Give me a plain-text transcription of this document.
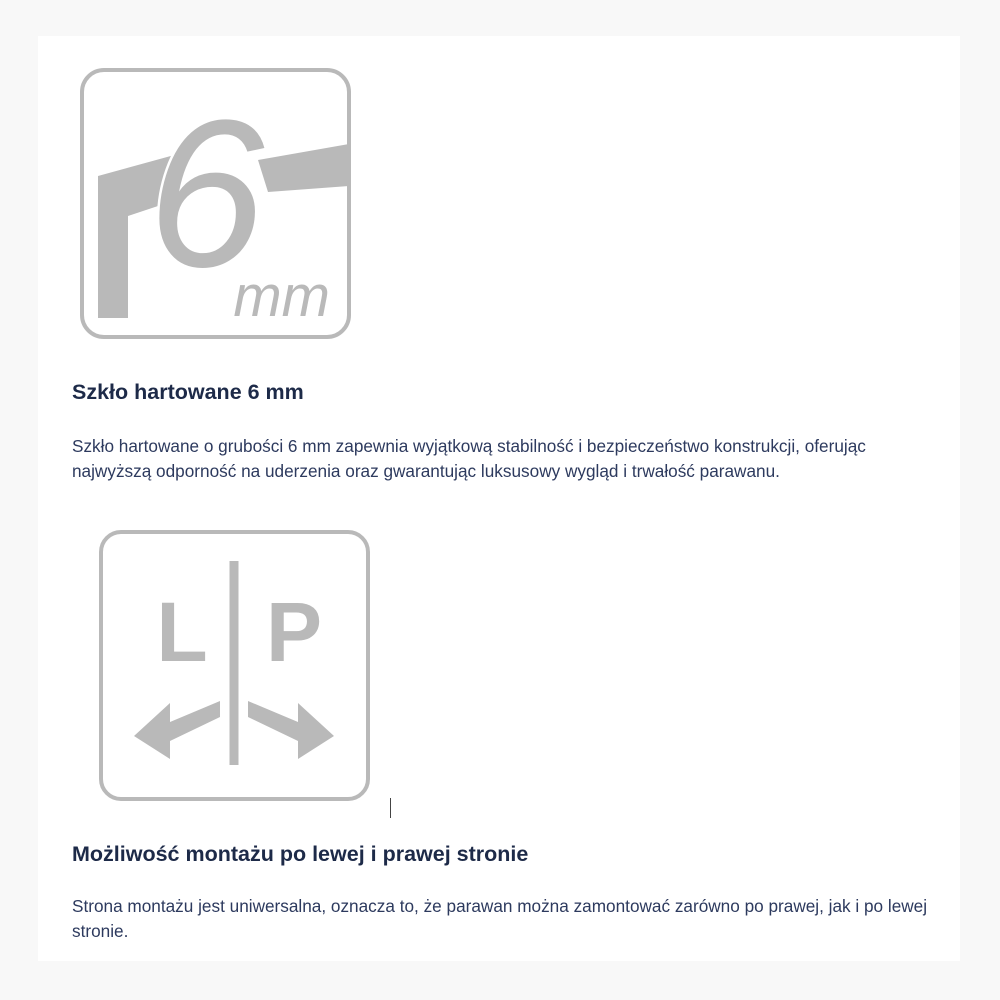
6
mm
Szkło hartowane 6 mm

Szkło hartowane o grubości 6 mm zapewnia wyjątkową stabilność i bezpieczeństwo konstrukcji, oferując najwyższą odporność na uderzenia oraz gwarantując luksusowy wygląd i trwałość parawanu.

L P
Możliwość montażu po lewej i prawej stronie

Strona montażu jest uniwersalna, oznacza to, że parawan można zamontować zarówno po prawej, jak i po lewej stronie.
